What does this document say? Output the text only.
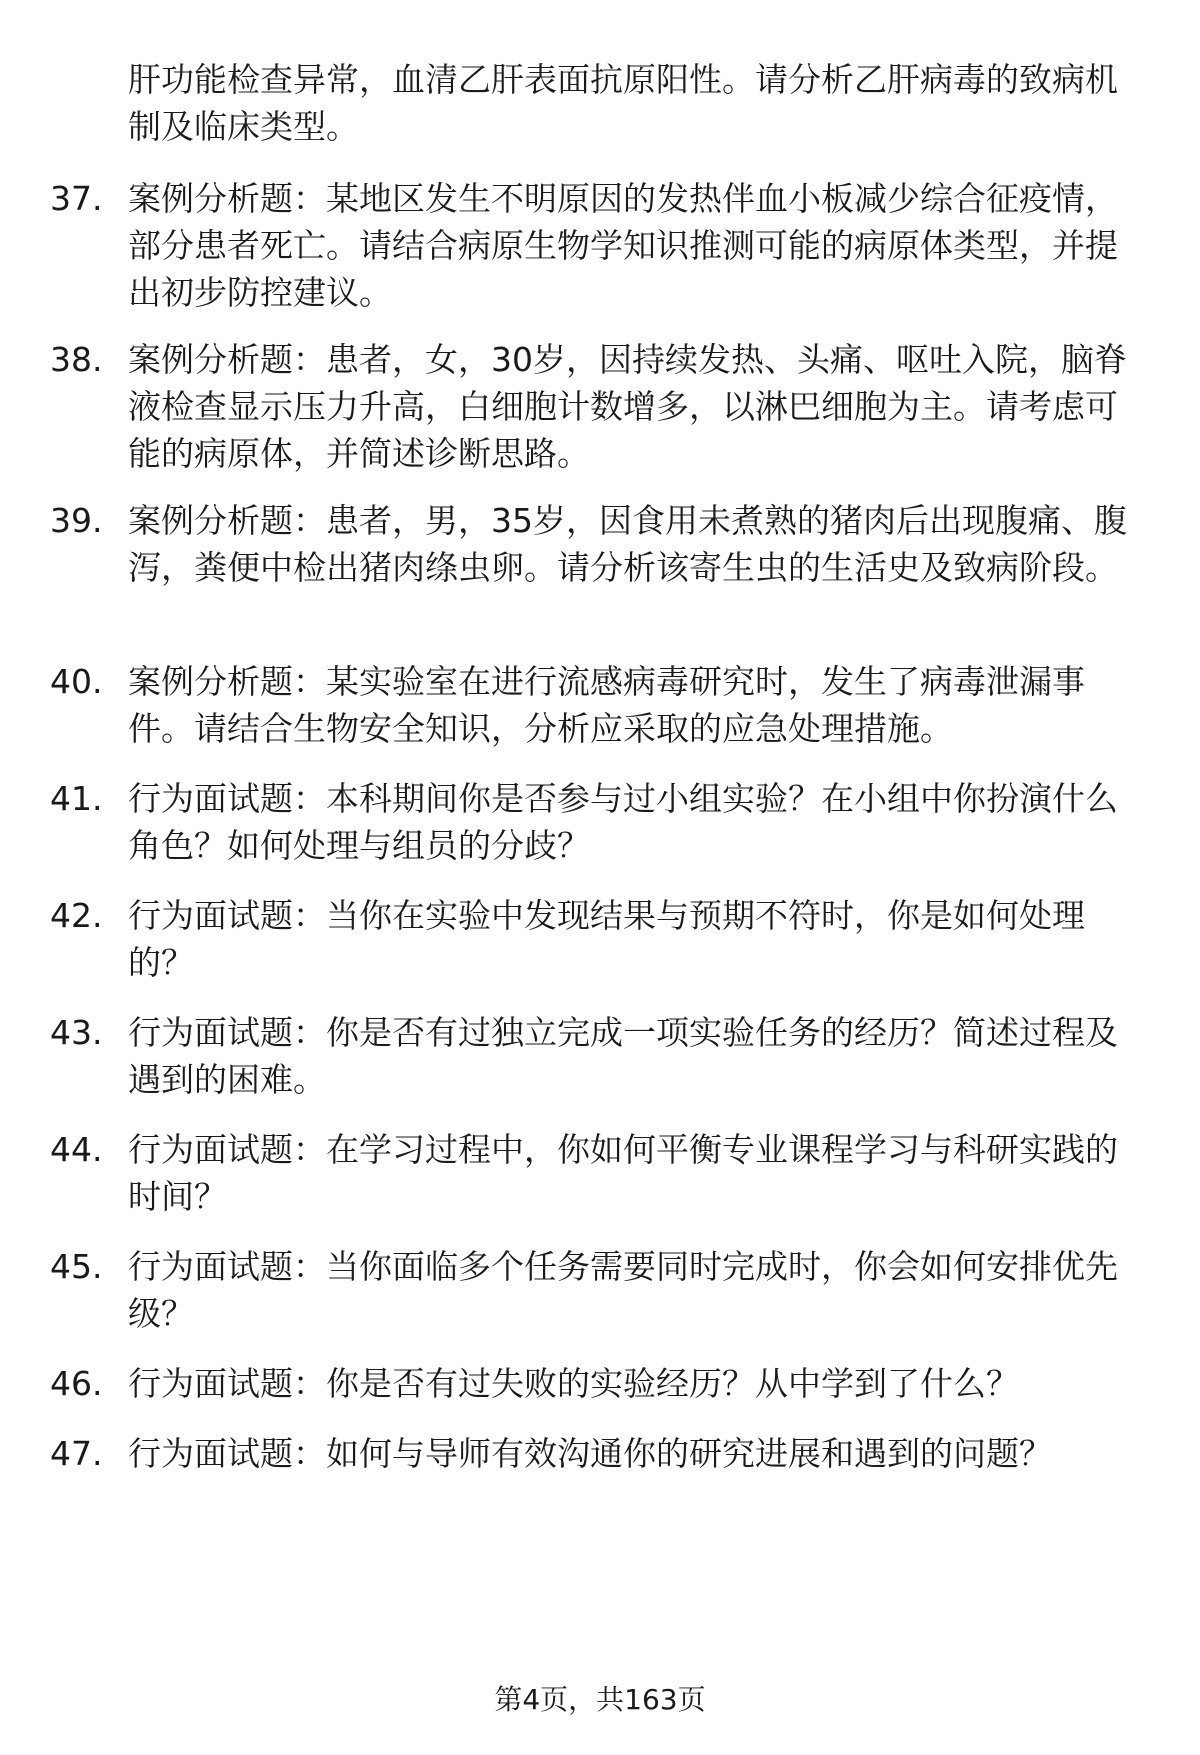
肝功能检查异常，血清乙肝表面抗原阳性。请分析乙肝病毒的致病机制及临床类型。
37. 案例分析题：某地区发生不明原因的发热伴血小板减少综合征疫情，部分患者死亡。请结合病原生物学知识推测可能的病原体类型，并提出初步防控建议。
38. 案例分析题：患者，女，30岁，因持续发热、头痛、呕吐入院，脑脊液检查显示压力升高，白细胞计数增多，以淋巴细胞为主。请考虑可能的病原体，并简述诊断思路。
39. 案例分析题：患者，男，35岁，因食用未煮熟的猪肉后出现腹痛、腹泻，粪便中检出猪肉绦虫卵。请分析该寄生虫的生活史及致病阶段。
40. 案例分析题：某实验室在进行流感病毒研究时，发生了病毒泄漏事件。请结合生物安全知识，分析应采取的应急处理措施。
41. 行为面试题：本科期间你是否参与过小组实验？在小组中你扮演什么角色？如何处理与组员的分歧？
42. 行为面试题：当你在实验中发现结果与预期不符时，你是如何处理的？
43. 行为面试题：你是否有过独立完成一项实验任务的经历？简述过程及遇到的困难。
44. 行为面试题：在学习过程中，你如何平衡专业课程学习与科研实践的时间？
45. 行为面试题：当你面临多个任务需要同时完成时，你会如何安排优先级？
46. 行为面试题：你是否有过失败的实验经历？从中学到了什么？
47. 行为面试题：如何与导师有效沟通你的研究进展和遇到的问题？
第4页，共163页
